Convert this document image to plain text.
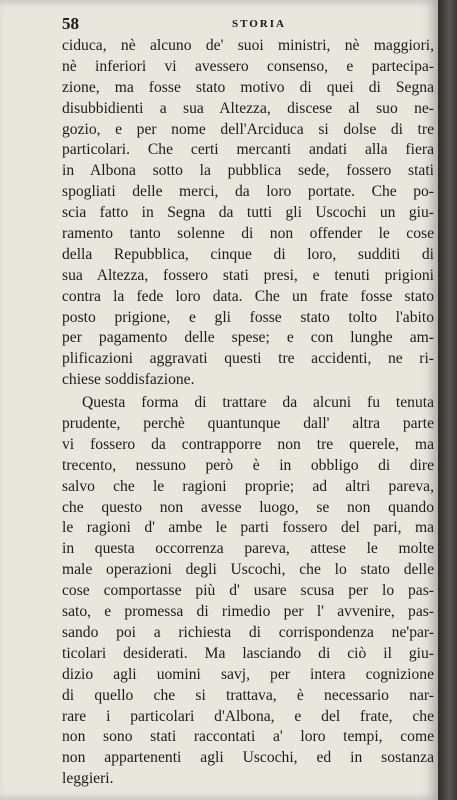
58	STORIA
ciduca, nè alcuno de' suoi ministri, nè maggiori,
nè inferiori vi avessero consenso, e partecipa-
zione, ma fosse stato motivo di quei di Segna
disubbidienti a sua Altezza, discese al suo ne-
gozio, e per nome dell'Arciduca si dolse di tre
particolari. Che certi mercanti andati alla fiera
in Albona sotto la pubblica sede, fossero stati
spogliati delle merci, da loro portate. Che po-
scia fatto in Segna da tutti gli Uscochi un giu-
ramento tanto solenne di non offender le cose
della Repubblica, cinque di loro, sudditi di
sua Altezza, fossero stati presi, e tenuti prigioni
contra la fede loro data. Che un frate fosse stato
posto prigione, e gli fosse stato tolto l'abito
per pagamento delle spese; e con lunghe am-
plificazioni aggravati questi tre accidenti, ne ri-
chiese soddisfazione.
Questa forma di trattare da alcuni fu tenuta
prudente, perchè quantunque dall' altra parte
vi fossero da contrapporre non tre querele, ma
trecento, nessuno però è in obbligo di dire
salvo che le ragioni proprie; ad altri pareva,
che questo non avesse luogo, se non quando
le ragioni d' ambe le parti fossero del pari, ma
in questa occorrenza pareva, attese le molte
male operazioni degli Uscochi, che lo stato delle
cose comportasse più d' usare scusa per lo pas-
sato, e promessa di rimedio per l' avvenire, pas-
sando poi a richiesta di corrispondenza ne'par-
ticolari desiderati. Ma lasciando di ciò il giu-
dizio agli uomini savj, per intera cognizione
di quello che si trattava, è necessario nar-
rare i particolari d'Albona, e del frate, che
non sono stati raccontati a' loro tempi, come
non appartenenti agli Uscochi, ed in sostanza
leggieri.
